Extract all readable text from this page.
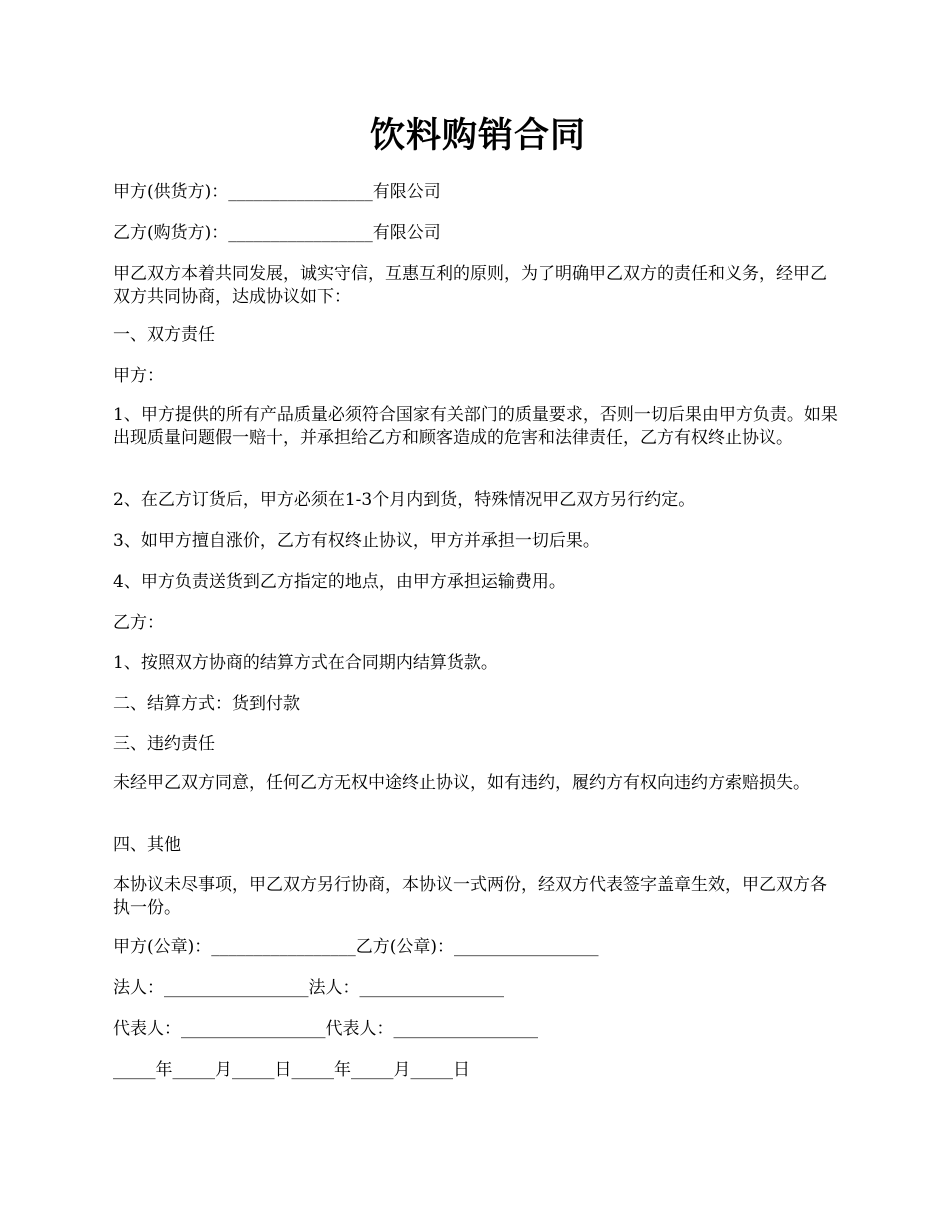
饮料购销合同
甲方(供货方)：_________________有限公司
乙方(购货方)：_________________有限公司
甲乙双方本着共同发展，诚实守信，互惠互利的原则，为了明确甲乙双方的责任和义务，经甲乙双方共同协商，达成协议如下：
一、双方责任
甲方：
1、甲方提供的所有产品质量必须符合国家有关部门的质量要求，否则一切后果由甲方负责。如果出现质量问题假一赔十，并承担给乙方和顾客造成的危害和法律责任，乙方有权终止协议。
2、在乙方订货后，甲方必须在1-3个月内到货，特殊情况甲乙双方另行约定。
3、如甲方擅自涨价，乙方有权终止协议，甲方并承担一切后果。
4、甲方负责送货到乙方指定的地点，由甲方承担运输费用。
乙方：
1、按照双方协商的结算方式在合同期内结算货款。
二、结算方式：货到付款
三、违约责任
未经甲乙双方同意，任何乙方无权中途终止协议，如有违约，履约方有权向违约方索赔损失。
四、其他
本协议未尽事项，甲乙双方另行协商，本协议一式两份，经双方代表签字盖章生效，甲乙双方各执一份。
甲方(公章)：_________________乙方(公章)：_________________
法人：_________________法人：_________________
代表人：_________________代表人：_________________
_____年_____月_____日_____年_____月_____日
